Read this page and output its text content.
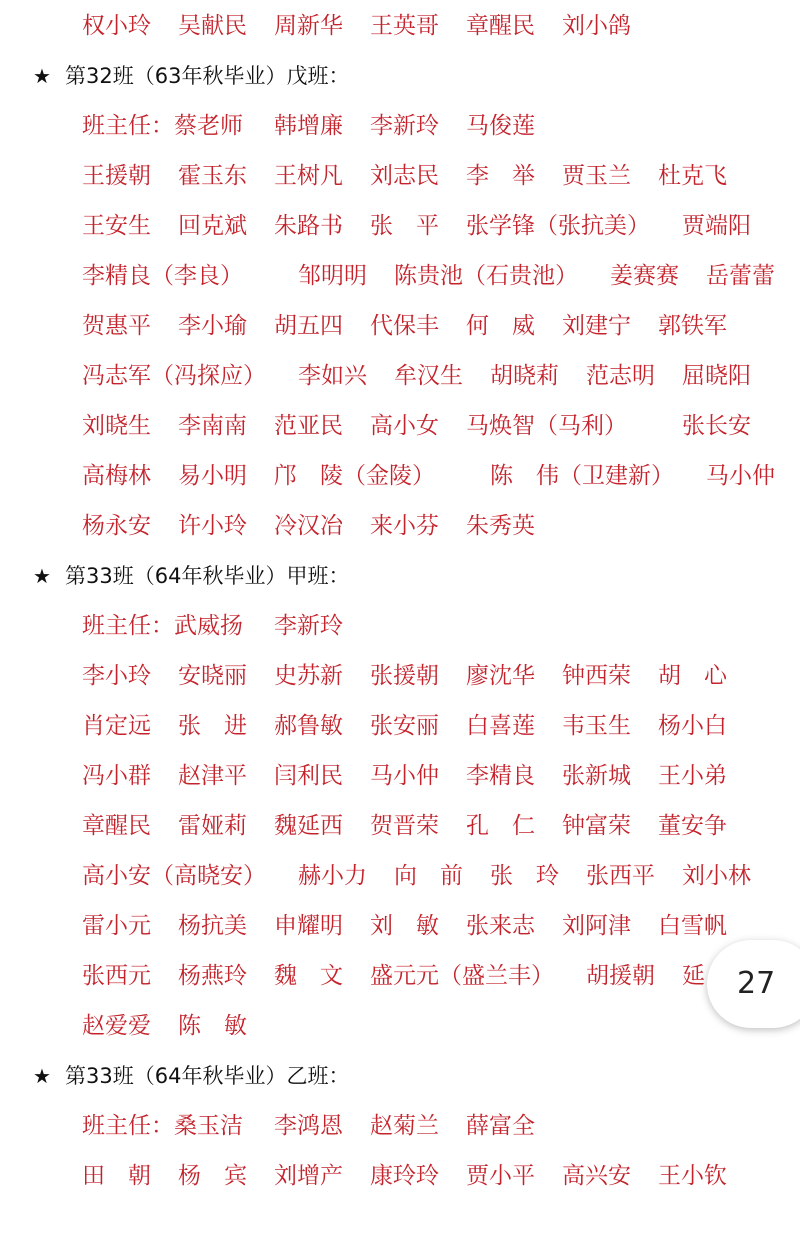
权小玲 吴献民 周新华 王英哥 章醒民 刘小鸽
★ 第32班（63年秋毕业）戊班：
班主任：蔡老师 韩增廉 李新玲 马俊莲
王援朝 霍玉东 王树凡 刘志民 李　举 贾玉兰 杜克飞
王安生 回克斌 朱路书 张　平 张学锋（张抗美） 贾端阳
李精良（李良） 邹明明 陈贵池（石贵池） 姜赛赛 岳蕾蕾
贺惠平 李小瑜 胡五四 代保丰 何　威 刘建宁 郭铁军
冯志军（冯探应） 李如兴 牟汉生 胡晓莉 范志明 屈晓阳
刘晓生 李南南 范亚民 高小女 马焕智（马利） 张长安
高梅林 易小明 邝　陵（金陵） 陈　伟（卫建新） 马小仲
杨永安 许小玲 冷汉冶 来小芬 朱秀英
★ 第33班（64年秋毕业）甲班：
班主任：武威扬 李新玲
李小玲 安晓丽 史苏新 张援朝 廖沈华 钟西荣 胡　心
肖定远 张　进 郝鲁敏 张安丽 白喜莲 韦玉生 杨小白
冯小群 赵津平 闫利民 马小仲 李精良 张新城 王小弟
章醒民 雷娅莉 魏延西 贺晋荣 孔　仁 钟富荣 董安争
高小安（高晓安） 赫小力 向　前 张　玲 张西平 刘小林
雷小元 杨抗美 申耀明 刘　敏 张来志 刘阿津 白雪帆
张西元 杨燕玲 魏　文 盛元元（盛兰丰） 胡援朝 延
赵爱爱 陈　敏
★ 第33班（64年秋毕业）乙班：
班主任：桑玉洁 李鸿恩 赵菊兰 薛富全
田　朝 杨　宾 刘增产 康玲玲 贾小平 高兴安 王小钦
27
